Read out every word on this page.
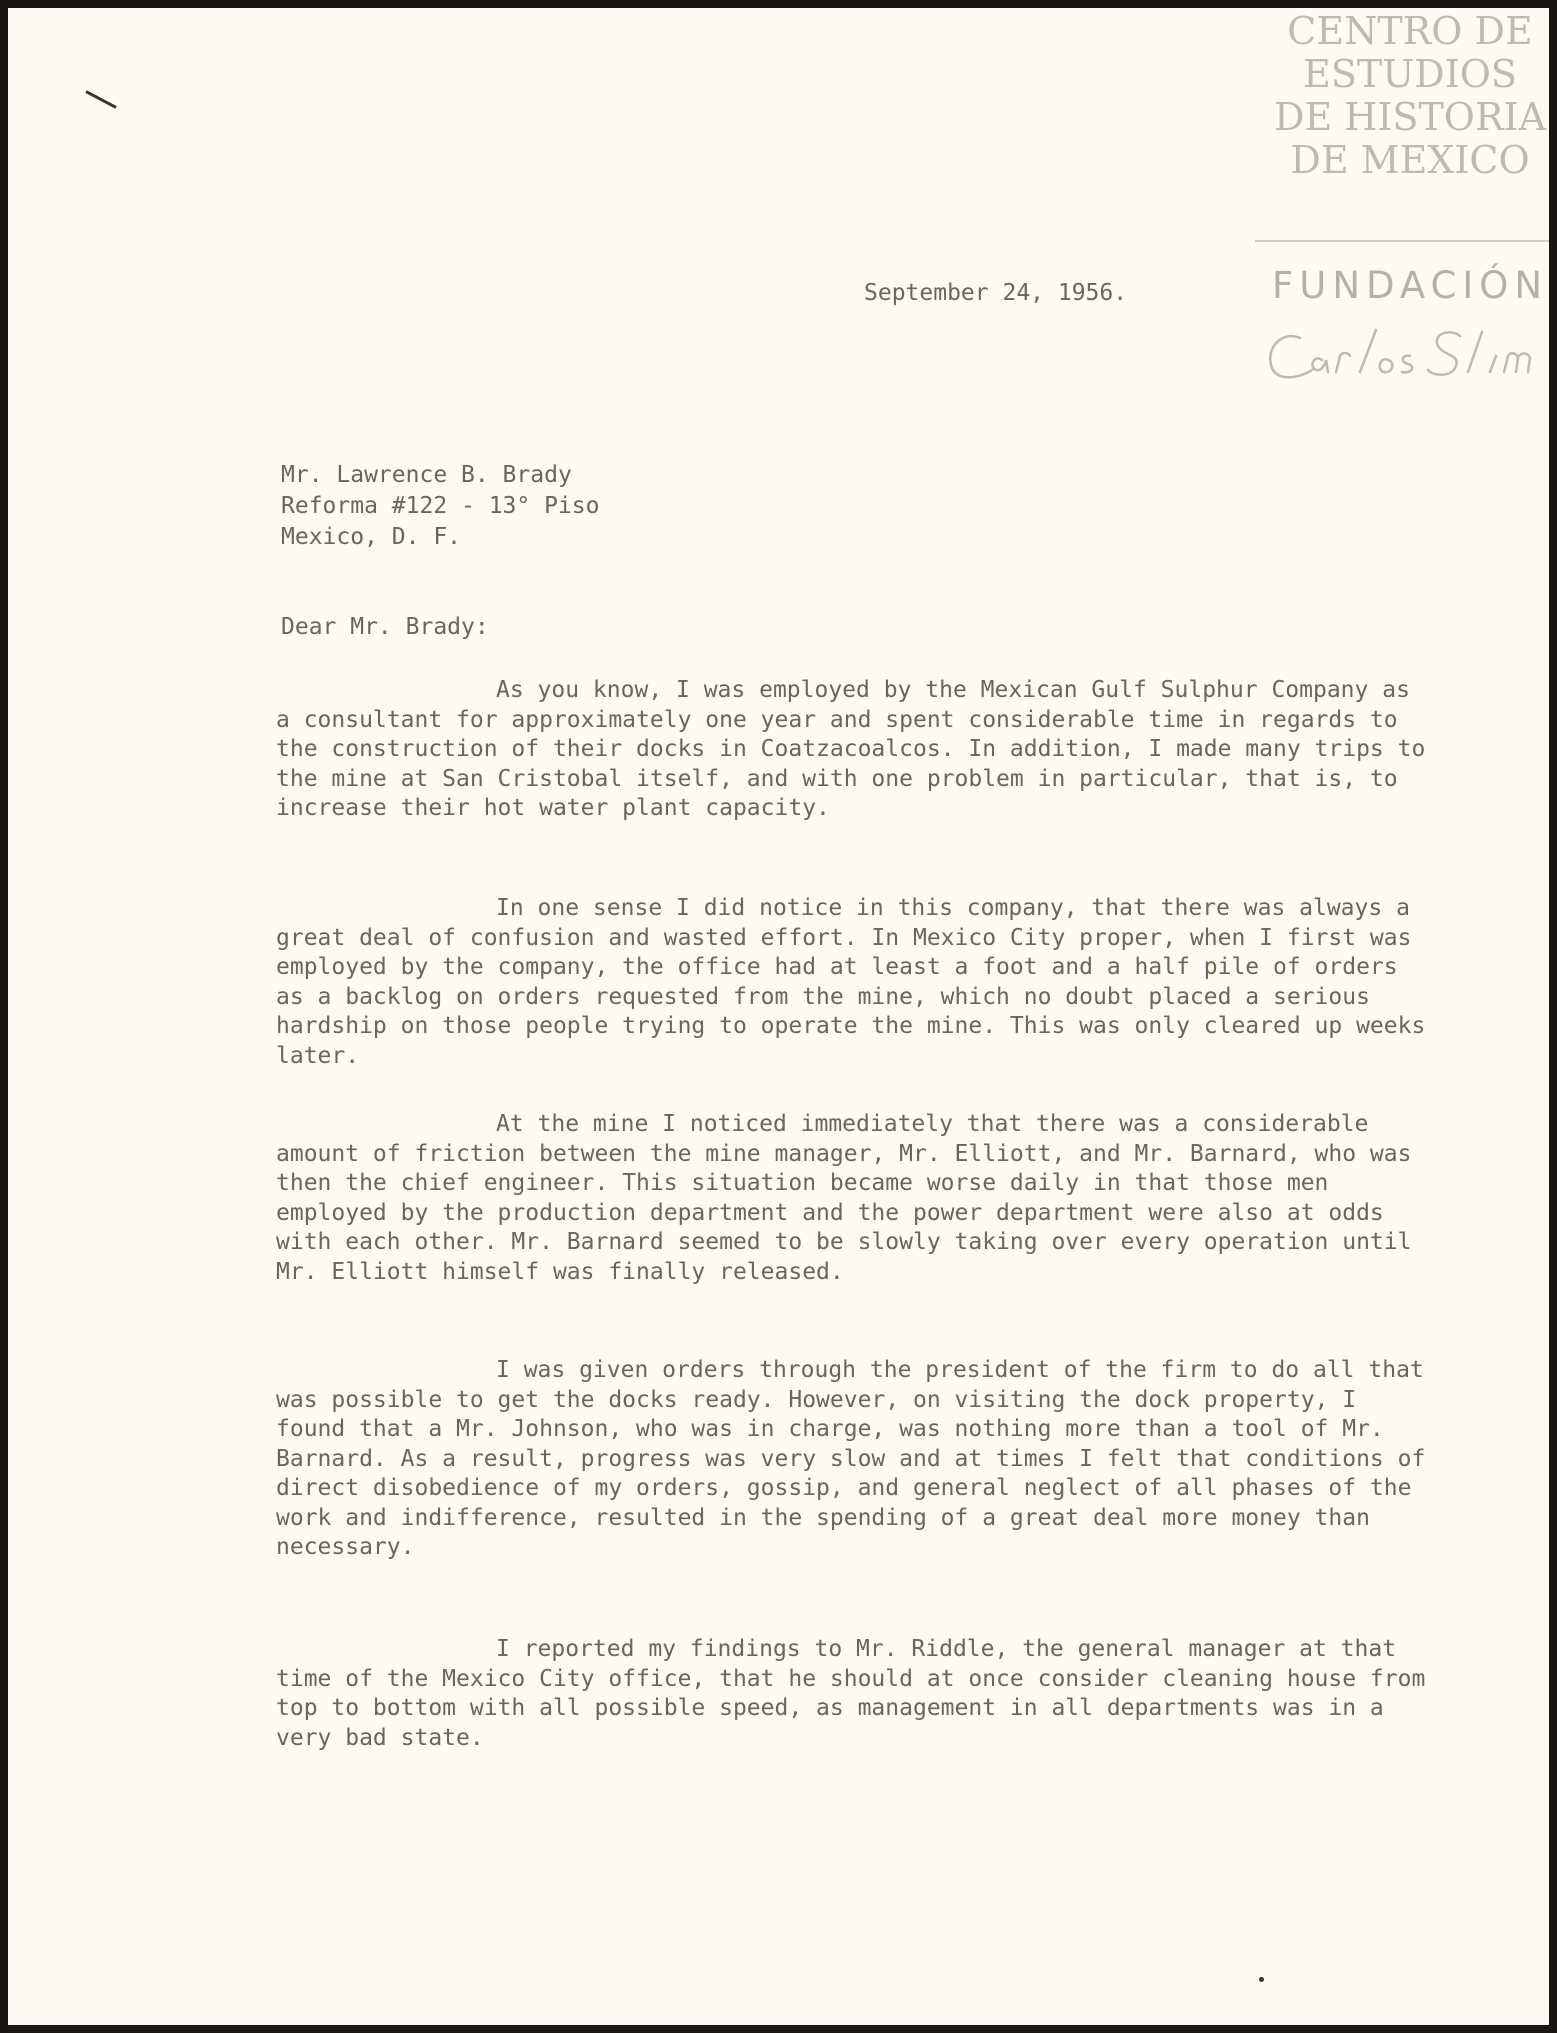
CENTRO DE
ESTUDIOS
DE HISTORIA
DE MEXICO
FUNDACIÓN
September 24, 1956.
Mr. Lawrence B. Brady
Reforma #122 - 13° Piso
Mexico, D. F.
Dear Mr. Brady:

As you know, I was employed by the Mexican Gulf Sulphur Company as a consultant for approximately one year and spent considerable time in regards to the construction of their docks in Coatzacoalcos. In addition, I made many trips to the mine at San Cristobal itself, and with one problem in particular, that is, to increase their hot water plant capacity.

In one sense I did notice in this company, that there was always a great deal of confusion and wasted effort. In Mexico City proper, when I first was employed by the company, the office had at least a foot and a half pile of orders as a backlog on orders requested from the mine, which no doubt placed a serious hardship on those people trying to operate the mine. This was only cleared up weeks later.

At the mine I noticed immediately that there was a considerable amount of friction between the mine manager, Mr. Elliott, and Mr. Barnard, who was then the chief engineer. This situation became worse daily in that those men employed by the production department and the power department were also at odds with each other. Mr. Barnard seemed to be slowly taking over every operation until Mr. Elliott himself was finally released.

I was given orders through the president of the firm to do all that was possible to get the docks ready. However, on visiting the dock property, I found that a Mr. Johnson, who was in charge, was nothing more than a tool of Mr. Barnard. As a result, progress was very slow and at times I felt that conditions of direct disobedience of my orders, gossip, and general neglect of all phases of the work and indifference, resulted in the spending of a great deal more money than necessary.

I reported my findings to Mr. Riddle, the general manager at that time of the Mexico City office, that he should at once consider cleaning house from top to bottom with all possible speed, as management in all departments was in a very bad state.
